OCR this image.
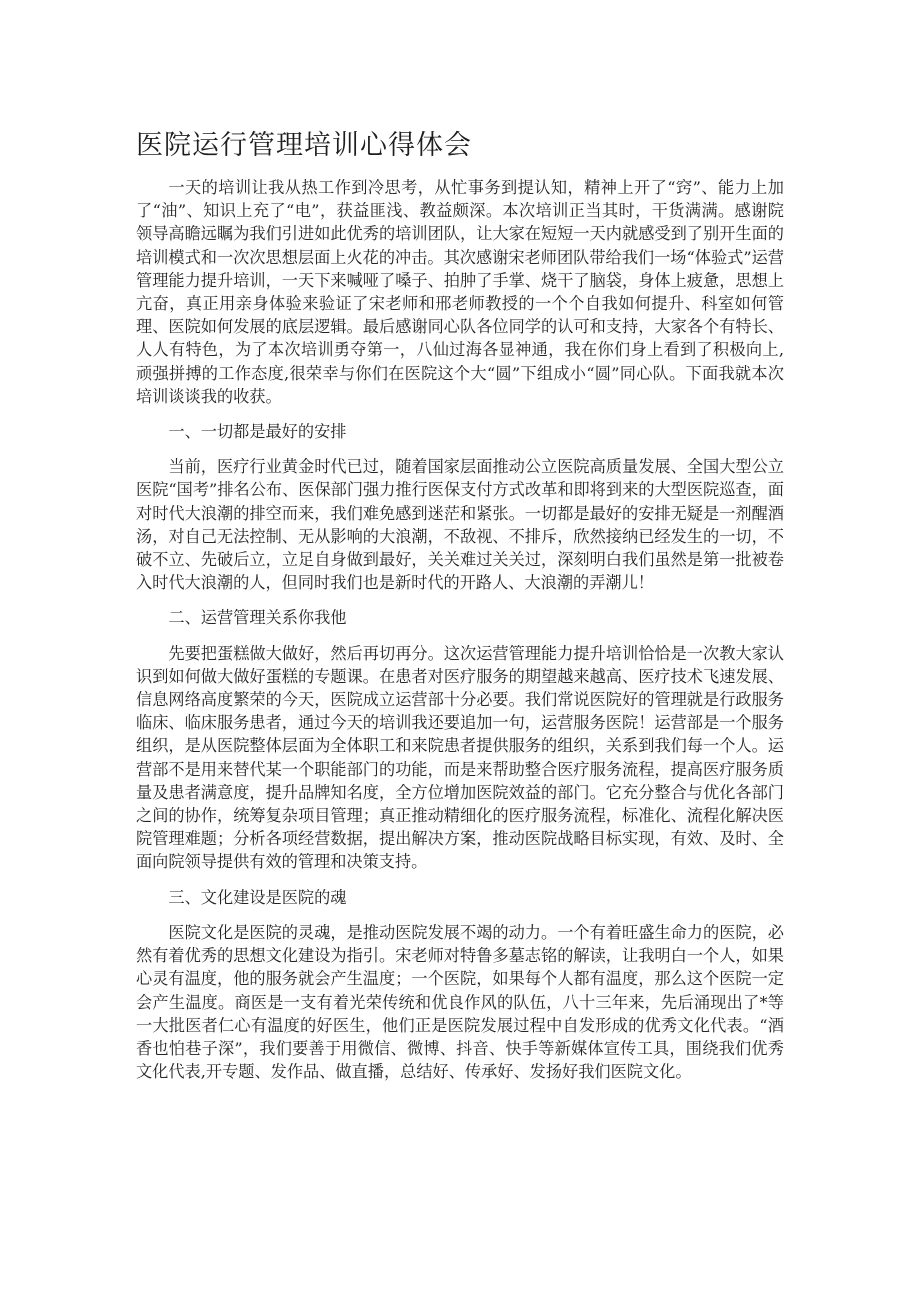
医院运行管理培训心得体会

一天的培训让我从热工作到冷思考，从忙事务到提认知，精神上开了“窍”、能力上加了“油”、知识上充了“电”，获益匪浅、教益颇深。本次培训正当其时，干货满满。感谢院领导高瞻远瞩为我们引进如此优秀的培训团队，让大家在短短一天内就感受到了别开生面的培训模式和一次次思想层面上火花的冲击。其次感谢宋老师团队带给我们一场“体验式”运营管理能力提升培训，一天下来喊哑了嗓子、拍肿了手掌、烧干了脑袋，身体上疲惫，思想上亢奋，真正用亲身体验来验证了宋老师和邢老师教授的一个个自我如何提升、科室如何管理、医院如何发展的底层逻辑。最后感谢同心队各位同学的认可和支持，大家各个有特长、人人有特色，为了本次培训勇夺第一，八仙过海各显神通，我在你们身上看到了积极向上,顽强拼搏的工作态度,很荣幸与你们在医院这个大“圆”下组成小“圆”同心队。下面我就本次培训谈谈我的收获。

一、一切都是最好的安排

当前，医疗行业黄金时代已过，随着国家层面推动公立医院高质量发展、全国大型公立医院“国考”排名公布、医保部门强力推行医保支付方式改革和即将到来的大型医院巡查，面对时代大浪潮的排空而来，我们难免感到迷茫和紧张。一切都是最好的安排无疑是一剂醒酒汤，对自己无法控制、无从影响的大浪潮，不敌视、不排斥，欣然接纳已经发生的一切，不破不立、先破后立，立足自身做到最好，关关难过关关过，深刻明白我们虽然是第一批被卷入时代大浪潮的人，但同时我们也是新时代的开路人、大浪潮的弄潮儿！

二、运营管理关系你我他

先要把蛋糕做大做好，然后再切再分。这次运营管理能力提升培训恰恰是一次教大家认识到如何做大做好蛋糕的专题课。在患者对医疗服务的期望越来越高、医疗技术飞速发展、信息网络高度繁荣的今天，医院成立运营部十分必要。我们常说医院好的管理就是行政服务临床、临床服务患者，通过今天的培训我还要追加一句，运营服务医院！运营部是一个服务组织，是从医院整体层面为全体职工和来院患者提供服务的组织，关系到我们每一个人。运营部不是用来替代某一个职能部门的功能，而是来帮助整合医疗服务流程，提高医疗服务质量及患者满意度，提升品牌知名度，全方位增加医院效益的部门。它充分整合与优化各部门之间的协作，统筹复杂项目管理；真正推动精细化的医疗服务流程，标准化、流程化解决医院管理难题；分析各项经营数据，提出解决方案，推动医院战略目标实现，有效、及时、全面向院领导提供有效的管理和决策支持。

三、文化建设是医院的魂

医院文化是医院的灵魂，是推动医院发展不竭的动力。一个有着旺盛生命力的医院，必然有着优秀的思想文化建设为指引。宋老师对特鲁多墓志铭的解读，让我明白一个人，如果心灵有温度，他的服务就会产生温度；一个医院，如果每个人都有温度，那么这个医院一定会产生温度。商医是一支有着光荣传统和优良作风的队伍，八十三年来，先后涌现出了*等一大批医者仁心有温度的好医生，他们正是医院发展过程中自发形成的优秀文化代表。“酒香也怕巷子深”，我们要善于用微信、微博、抖音、快手等新媒体宣传工具，围绕我们优秀文化代表,开专题、发作品、做直播，总结好、传承好、发扬好我们医院文化。
